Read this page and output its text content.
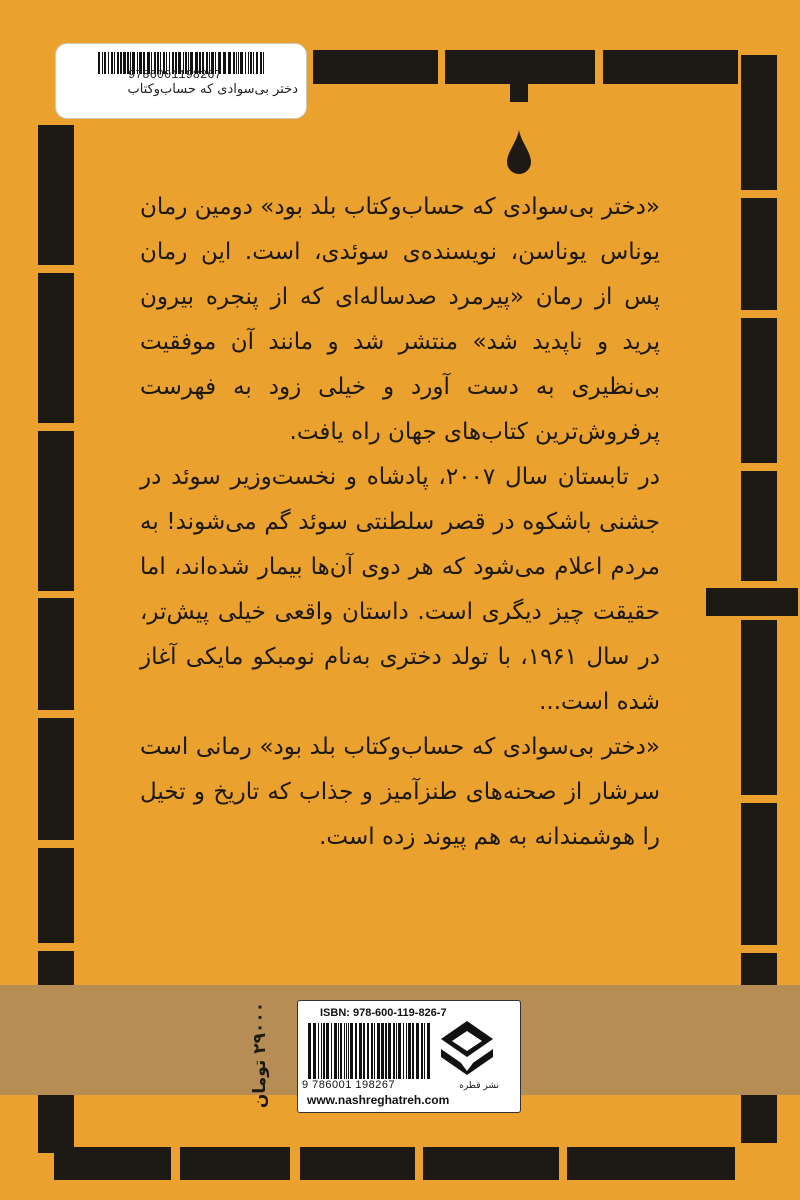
9786001198267
دختر بی‌سوادی که حساب‌وکتاب

«دختر بی‌سوادی که حساب‌وکتاب بلد بود» دومین رمان یوناس یوناسن، نویسنده‌ی سوئدی، است. این رمان پس از رمان «پیرمرد صدساله‌ای که از پنجره بیرون پرید و ناپدید شد» منتشر شد و مانند آن موفقیت بی‌نظیری به دست آورد و خیلی زود به فهرست پرفروش‌ترین کتاب‌های جهان راه یافت.

در تابستان سال ۲۰۰۷، پادشاه و نخست‌وزیر سوئد در جشنی باشکوه در قصر سلطنتی سوئد گم می‌شوند! به مردم اعلام می‌شود که هر دوی آن‌ها بیمار شده‌اند، اما حقیقت چیز دیگری است. داستان واقعی خیلی پیش‌تر، در سال ۱۹۶۱، با تولد دختری به‌نام نومبکو مایکی آغاز شده است...

«دختر بی‌سوادی که حساب‌وکتاب بلد بود» رمانی است سرشار از صحنه‌های طنزآمیز و جذاب که تاریخ و تخیل را هوشمندانه به هم پیوند زده است.

۲۹۰۰۰ تومان	ISBN: 978-600-119-826-7
9 786001 198267
www.nashreghatreh.com
نشر قطره
